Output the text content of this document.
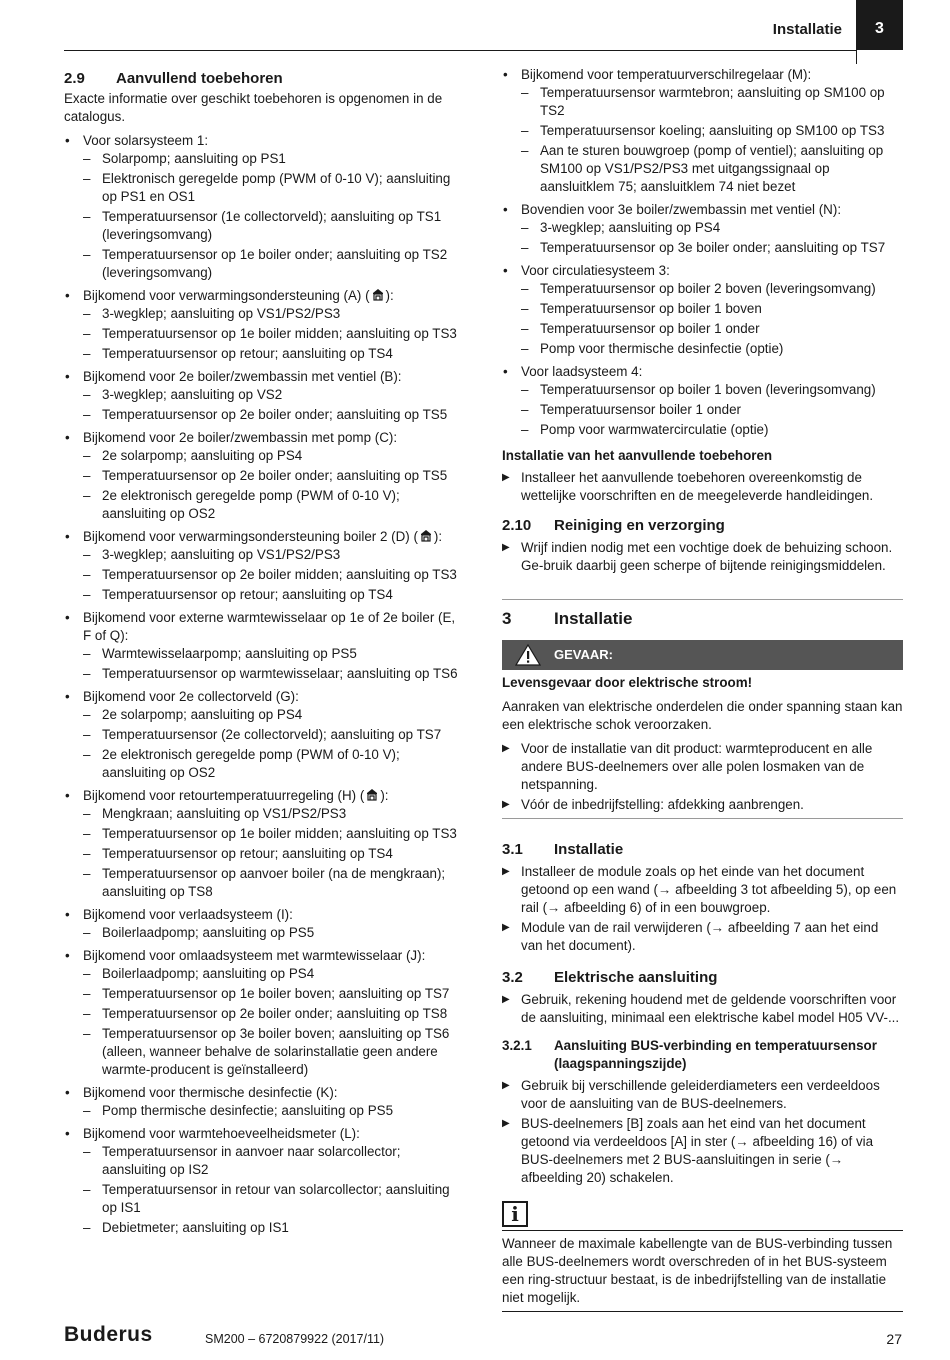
Installatie	3
2.9	Aanvullend toebehoren

Exacte informatie over geschikt toebehoren is opgenomen in de catalogus.

• Voor solarsysteem 1:
– Solarpomp; aansluiting op PS1
– Elektronisch geregelde pomp (PWM of 0-10 V); aansluiting op PS1 en OS1
– Temperatuursensor (1e collectorveld); aansluiting op TS1 (leveringsomvang)
– Temperatuursensor op 1e boiler onder; aansluiting op TS2 (leveringsomvang)
• Bijkomend voor verwarmingsondersteuning (A) ( ):
– 3-wegklep; aansluiting op VS1/PS2/PS3
– Temperatuursensor op 1e boiler midden; aansluiting op TS3
– Temperatuursensor op retour; aansluiting op TS4
• Bijkomend voor 2e boiler/zwembassin met ventiel (B):
– 3-wegklep; aansluiting op VS2
– Temperatuursensor op 2e boiler onder; aansluiting op TS5
• Bijkomend voor 2e boiler/zwembassin met pomp (C):
– 2e solarpomp; aansluiting op PS4
– Temperatuursensor op 2e boiler onder; aansluiting op TS5
– 2e elektronisch geregelde pomp (PWM of 0-10 V); aansluiting op OS2
• Bijkomend voor verwarmingsondersteuning boiler 2 (D) ( ):
– 3-wegklep; aansluiting op VS1/PS2/PS3
– Temperatuursensor op 2e boiler midden; aansluiting op TS3
– Temperatuursensor op retour; aansluiting op TS4
• Bijkomend voor externe warmtewisselaar op 1e of 2e boiler (E, F of Q):
– Warmtewisselaarpomp; aansluiting op PS5
– Temperatuursensor op warmtewisselaar; aansluiting op TS6
• Bijkomend voor 2e collectorveld (G):
– 2e solarpomp; aansluiting op PS4
– Temperatuursensor (2e collectorveld); aansluiting op TS7
– 2e elektronisch geregelde pomp (PWM of 0-10 V); aansluiting op OS2
• Bijkomend voor retourtemperatuurregeling (H) ( ):
– Mengkraan; aansluiting op VS1/PS2/PS3
– Temperatuursensor op 1e boiler midden; aansluiting op TS3
– Temperatuursensor op retour; aansluiting op TS4
– Temperatuursensor op aanvoer boiler (na de mengkraan); aansluiting op TS8
• Bijkomend voor verlaadsysteem (I):
– Boilerlaadpomp; aansluiting op PS5
• Bijkomend voor omlaadsysteem met warmtewisselaar (J):
– Boilerlaadpomp; aansluiting op PS4
– Temperatuursensor op 1e boiler boven; aansluiting op TS7
– Temperatuursensor op 2e boiler onder; aansluiting op TS8
– Temperatuursensor op 3e boiler boven; aansluiting op TS6 (alleen, wanneer behalve de solarinstallatie geen andere warmte-producent is geïnstalleerd)
• Bijkomend voor thermische desinfectie (K):
– Pomp thermische desinfectie; aansluiting op PS5
• Bijkomend voor warmtehoeveelheidsmeter (L):
– Temperatuursensor in aanvoer naar solarcollector; aansluiting op IS2
– Temperatuursensor in retour van solarcollector; aansluiting op IS1
– Debietmeter; aansluiting op IS1
• Bijkomend voor temperatuurverschilregelaar (M):
– Temperatuursensor warmtebron; aansluiting op SM100 op TS2
– Temperatuursensor koeling; aansluiting op SM100 op TS3
– Aan te sturen bouwgroep (pomp of ventiel); aansluiting op SM100 op VS1/PS2/PS3 met uitgangssignaal op aansluitklem 75; aansluitklem 74 niet bezet
• Bovendien voor 3e boiler/zwembassin met ventiel (N):
– 3-wegklep; aansluiting op PS4
– Temperatuursensor op 3e boiler onder; aansluiting op TS7
• Voor circulatiesysteem 3:
– Temperatuursensor op boiler 2 boven (leveringsomvang)
– Temperatuursensor op boiler 1 boven
– Temperatuursensor op boiler 1 onder
– Pomp voor thermische desinfectie (optie)
• Voor laadsysteem 4:
– Temperatuursensor op boiler 1 boven (leveringsomvang)
– Temperatuursensor boiler 1 onder
– Pomp voor warmwatercirculatie (optie)
Installatie van het aanvullende toebehoren
▶ Installeer het aanvullende toebehoren overeenkomstig de wettelijke voorschriften en de meegeleverde handleidingen.
2.10	Reiniging en verzorging
▶ Wrijf indien nodig met een vochtige doek de behuizing schoon. Ge-bruik daarbij geen scherpe of bijtende reinigingsmiddelen.
3	Installatie
GEVAAR:
Levensgevaar door elektrische stroom!

Aanraken van elektrische onderdelen die onder spanning staan kan een elektrische schok veroorzaken.

▶ Voor de installatie van dit product: warmteproducent en alle andere BUS-deelnemers over alle polen losmaken van de netspanning.
▶ Vóór de inbedrijfstelling: afdekking aanbrengen.
3.1	Installatie
▶ Installeer de module zoals op het einde van het document getoond op een wand (→ afbeelding 3 tot afbeelding 5), op een rail (→ afbeelding 6) of in een bouwgroep.
▶ Module van de rail verwijderen (→ afbeelding 7 aan het eind van het document).
3.2	Elektrische aansluiting
▶ Gebruik, rekening houdend met de geldende voorschriften voor de aansluiting, minimaal een elektrische kabel model H05 VV-...
3.2.1	Aansluiting BUS-verbinding en temperatuursensor (laagspanningszijde)
▶ Gebruik bij verschillende geleiderdiameters een verdeeldoos voor de aansluiting van de BUS-deelnemers.
▶ BUS-deelnemers [B] zoals aan het eind van het document getoond via verdeeldoos [A] in ster (→ afbeelding 16) of via BUS-deelnemers met 2 BUS-aansluitingen in serie (→ afbeelding 20) schakelen.
i

Wanneer de maximale kabellengte van de BUS-verbinding tussen alle BUS-deelnemers wordt overschreden of in het BUS-systeem een ring-structuur bestaat, is de inbedrijfstelling van de installatie niet mogelijk.

Buderus	SM200 – 6720879922 (2017/11)	27
